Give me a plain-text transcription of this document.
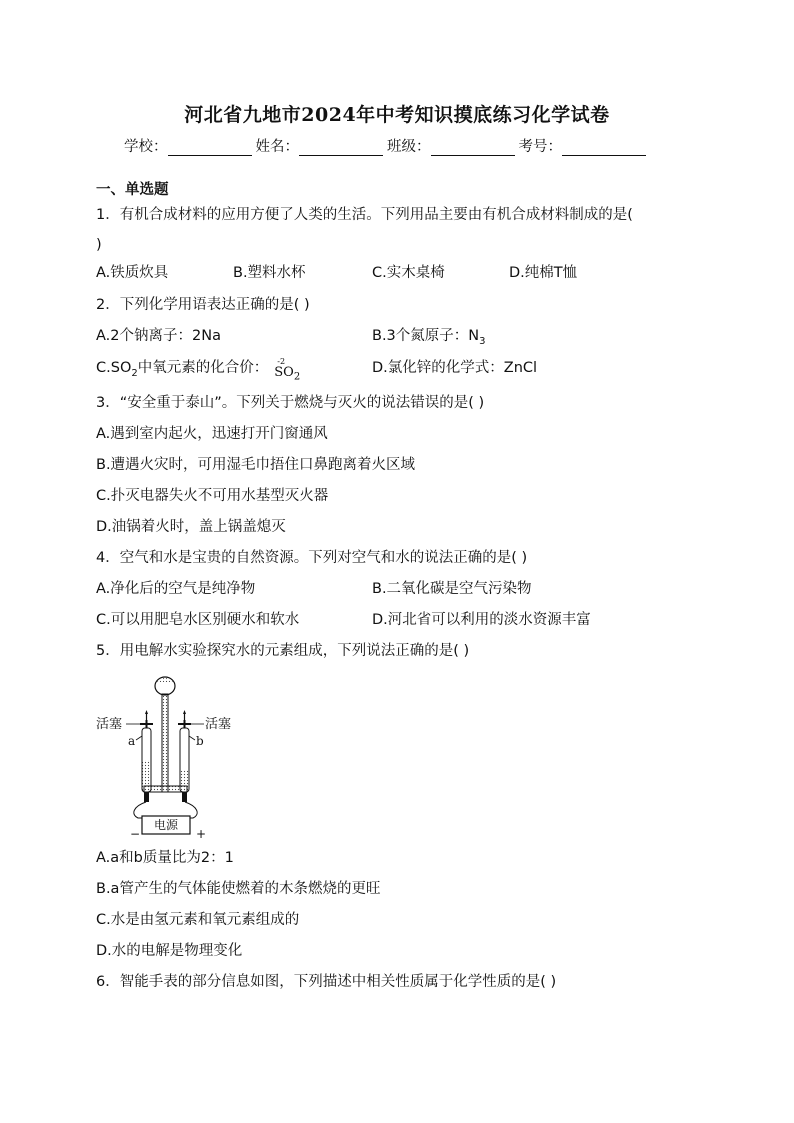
河北省九地市2024年中考知识摸底练习化学试卷
学校：	姓名：	班级：	考号：
一、单选题
1．有机合成材料的应用方便了人类的生活。下列用品主要由有机合成材料制成的是(
)
A.铁质炊具	B.塑料水杯	C.实木桌椅	D.纯棉T恤
2．下列化学用语表达正确的是( )
A.2个钠离子：2Na	B.3个氮原子：$N_3$
$C.SO_2$中氧元素的化合价： -2
$SO_2$
D.氯化锌的化学式：ZnCl
3．“安全重于泰山”。下列关于燃烧与灭火的说法错误的是( )
A.遇到室内起火，迅速打开门窗通风
B.遭遇火灾时，可用湿毛巾捂住口鼻跑离着火区域
C.扑灭电器失火不可用水基型灭火器
D.油锅着火时，盖上锅盖熄灭
4．空气和水是宝贵的自然资源。下列对空气和水的说法正确的是( )
A.净化后的空气是纯净物	B.二氧化碳是空气污染物
C.可以用肥皂水区别硬水和软水	D.河北省可以利用的淡水资源丰富
5．用电解水实验探究水的元素组成，下列说法正确的是( )
活塞	活塞
a	b
电源
−	+
A.a和b质量比为2：1
B.a管产生的气体能使燃着的木条燃烧的更旺
C.水是由氢元素和氧元素组成的
D.水的电解是物理变化
6．智能手表的部分信息如图，下列描述中相关性质属于化学性质的是( )
